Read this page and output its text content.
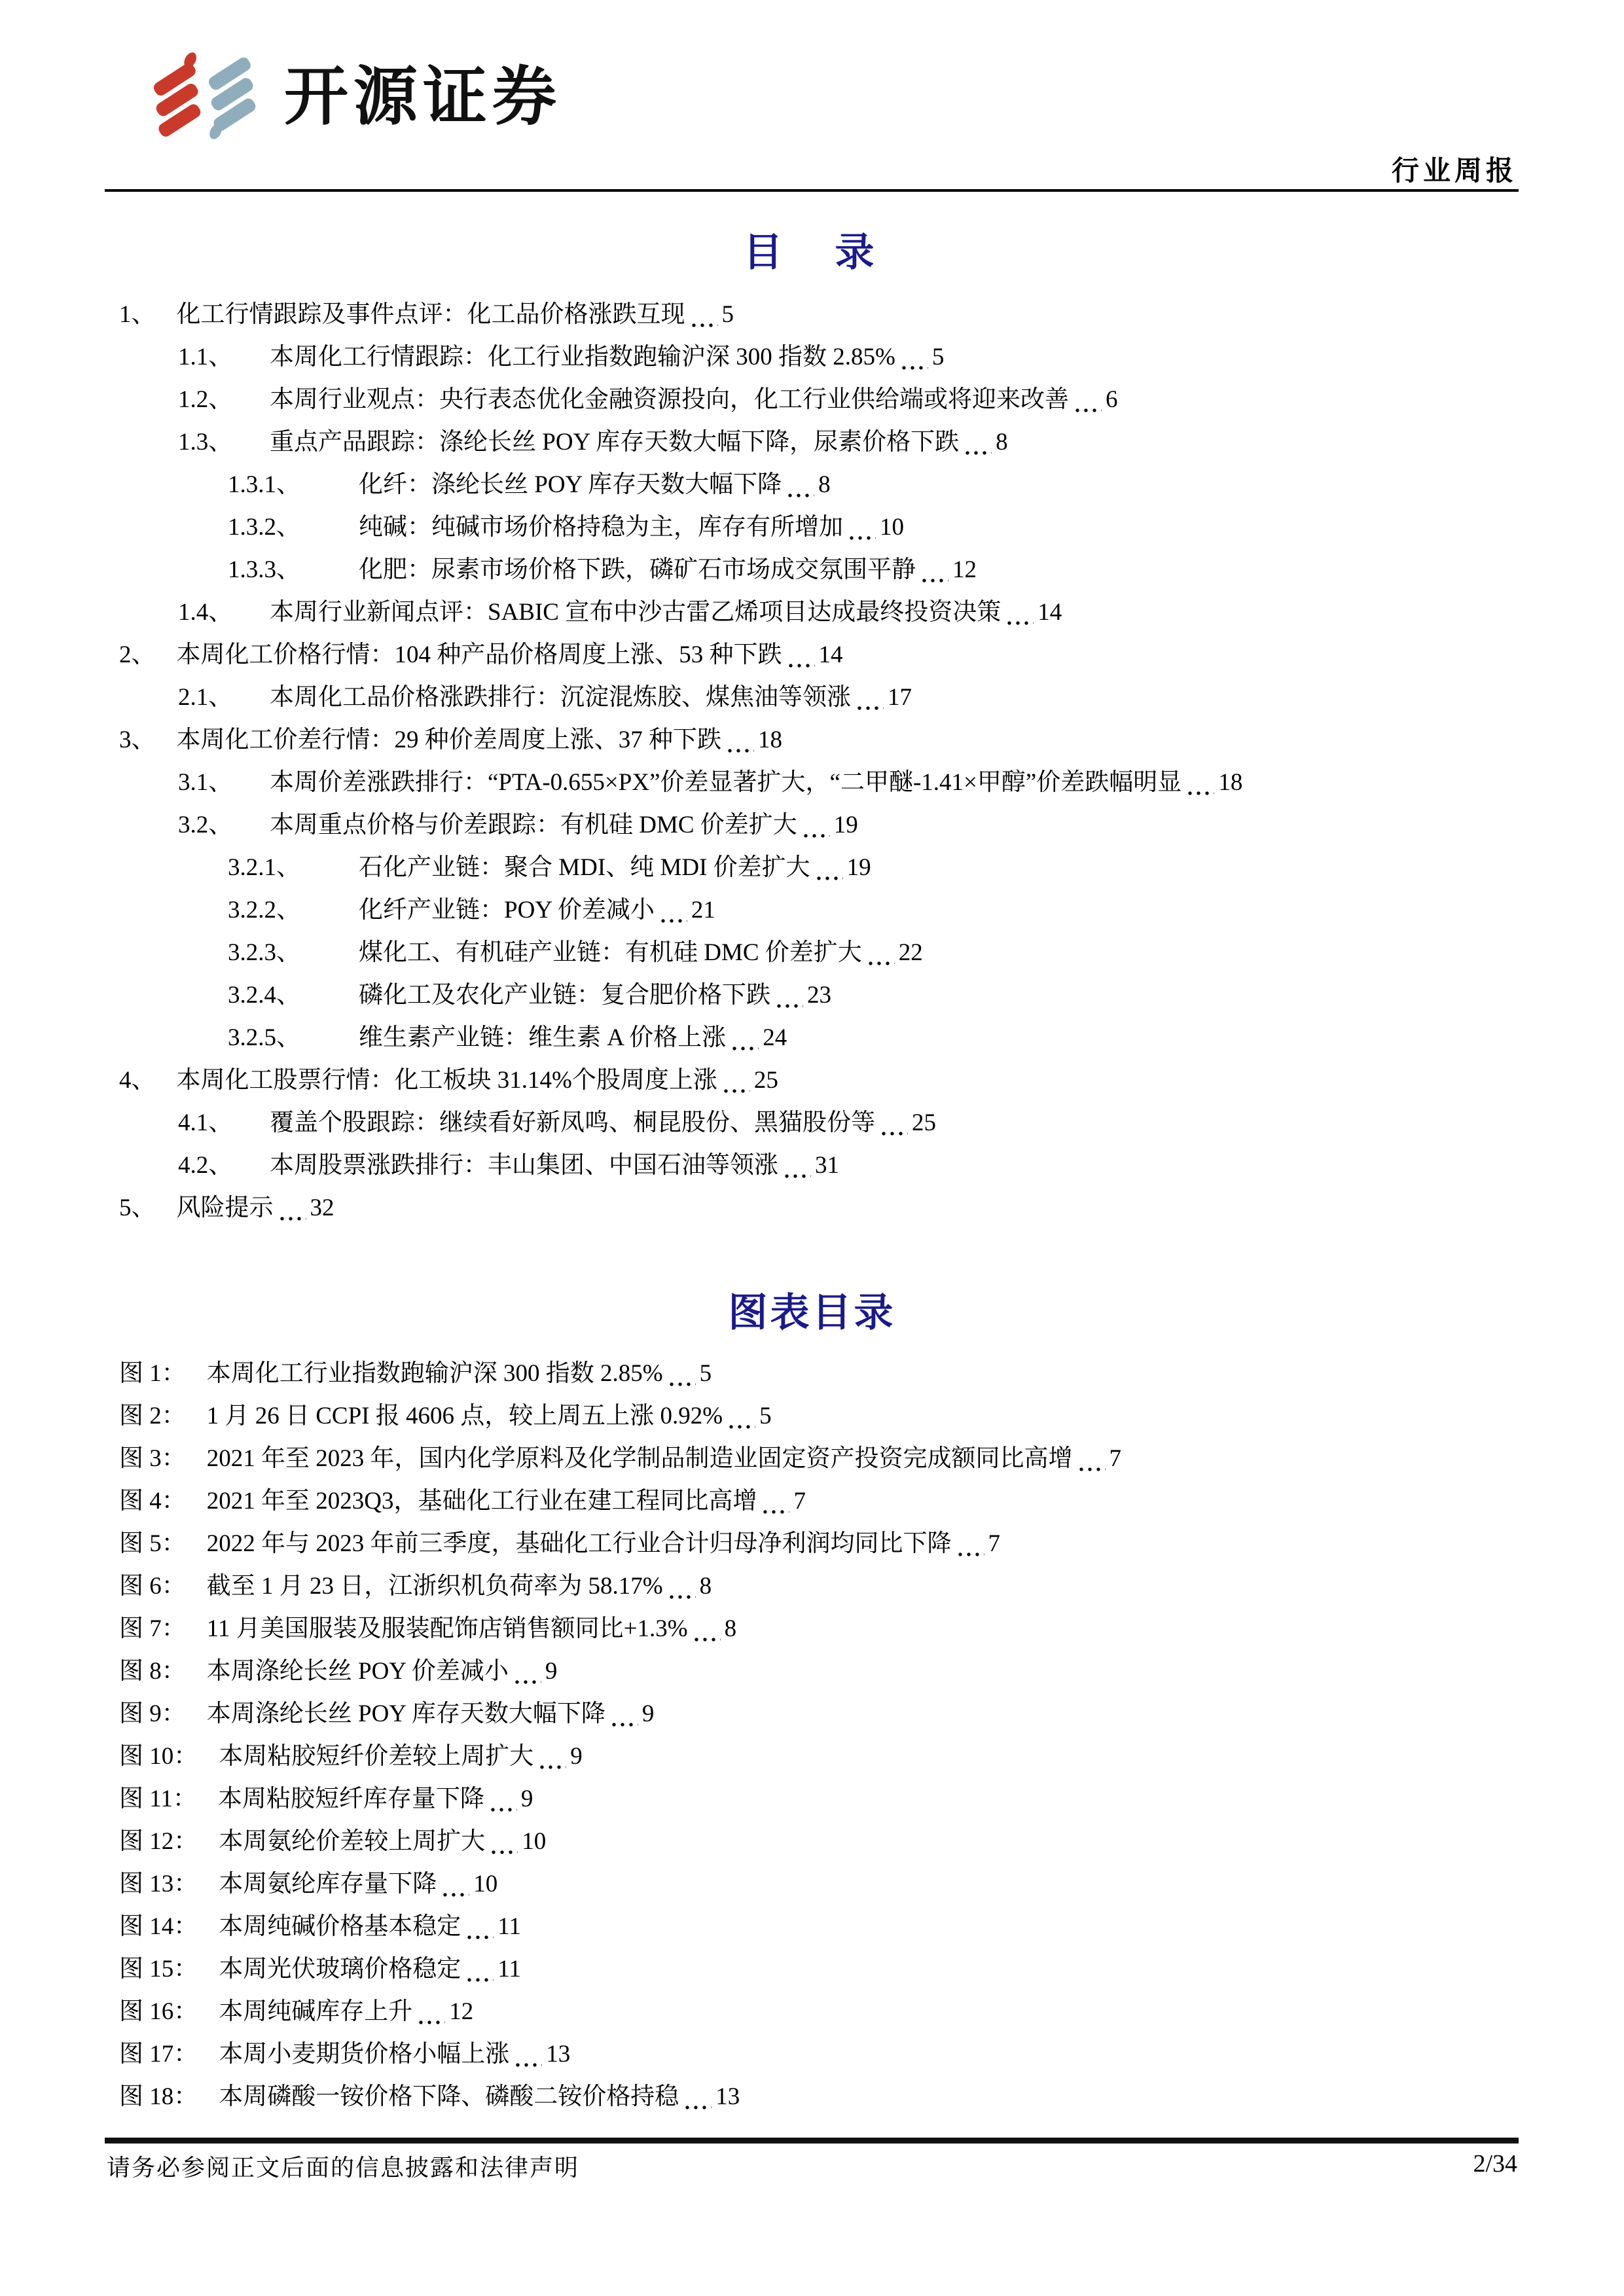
开源证券
行业周报
目　录
1、 化工行情跟踪及事件点评：化工品价格涨跌互现 5
1.1、	本周化工行情跟踪：化工行业指数跑输沪深 300 指数 2.85% 5
1.2、	本周行业观点：央行表态优化金融资源投向，化工行业供给端或将迎来改善 6
1.3、	重点产品跟踪：涤纶长丝 POY 库存天数大幅下降，尿素价格下跌 8
1.3.1、	化纤：涤纶长丝 POY 库存天数大幅下降 8
1.3.2、	纯碱：纯碱市场价格持稳为主，库存有所增加 10
1.3.3、	化肥：尿素市场价格下跌，磷矿石市场成交氛围平静 12
1.4、	本周行业新闻点评：SABIC 宣布中沙古雷乙烯项目达成最终投资决策 14
2、 本周化工价格行情：104 种产品价格周度上涨、53 种下跌 14
2.1、	本周化工品价格涨跌排行：沉淀混炼胶、煤焦油等领涨 17
3、 本周化工价差行情：29 种价差周度上涨、37 种下跌 18
3.1、	本周价差涨跌排行：“PTA-0.655×PX”价差显著扩大，“二甲醚-1.41×甲醇”价差跌幅明显 18
3.2、	本周重点价格与价差跟踪：有机硅 DMC 价差扩大 19
3.2.1、	石化产业链：聚合 MDI、纯 MDI 价差扩大 19
3.2.2、	化纤产业链：POY 价差减小 21
3.2.3、	煤化工、有机硅产业链：有机硅 DMC 价差扩大 22
3.2.4、	磷化工及农化产业链：复合肥价格下跌 23
3.2.5、	维生素产业链：维生素 A 价格上涨 24
4、 本周化工股票行情：化工板块 31.14%个股周度上涨 25
4.1、	覆盖个股跟踪：继续看好新凤鸣、桐昆股份、黑猫股份等 25
4.2、	本周股票涨跌排行：丰山集团、中国石油等领涨 31
5、 风险提示 32
图表目录
图 1： 本周化工行业指数跑输沪深 300 指数 2.85% 5
图 2： 1 月 26 日 CCPI 报 4606 点，较上周五上涨 0.92% 5
图 3： 2021 年至 2023 年，国内化学原料及化学制品制造业固定资产投资完成额同比高增 7
图 4： 2021 年至 2023Q3，基础化工行业在建工程同比高增 7
图 5： 2022 年与 2023 年前三季度，基础化工行业合计归母净利润均同比下降 7
图 6： 截至 1 月 23 日，江浙织机负荷率为 58.17% 8
图 7： 11 月美国服装及服装配饰店销售额同比+1.3% 8
图 8： 本周涤纶长丝 POY 价差减小 9
图 9： 本周涤纶长丝 POY 库存天数大幅下降 9
图 10： 本周粘胶短纤价差较上周扩大 9
图 11： 本周粘胶短纤库存量下降 9
图 12： 本周氨纶价差较上周扩大 10
图 13： 本周氨纶库存量下降 10
图 14： 本周纯碱价格基本稳定 11
图 15： 本周光伏玻璃价格稳定 11
图 16： 本周纯碱库存上升 12
图 17： 本周小麦期货价格小幅上涨 13
图 18： 本周磷酸一铵价格下降、磷酸二铵价格持稳 13
请务必参阅正文后面的信息披露和法律声明	2/34
